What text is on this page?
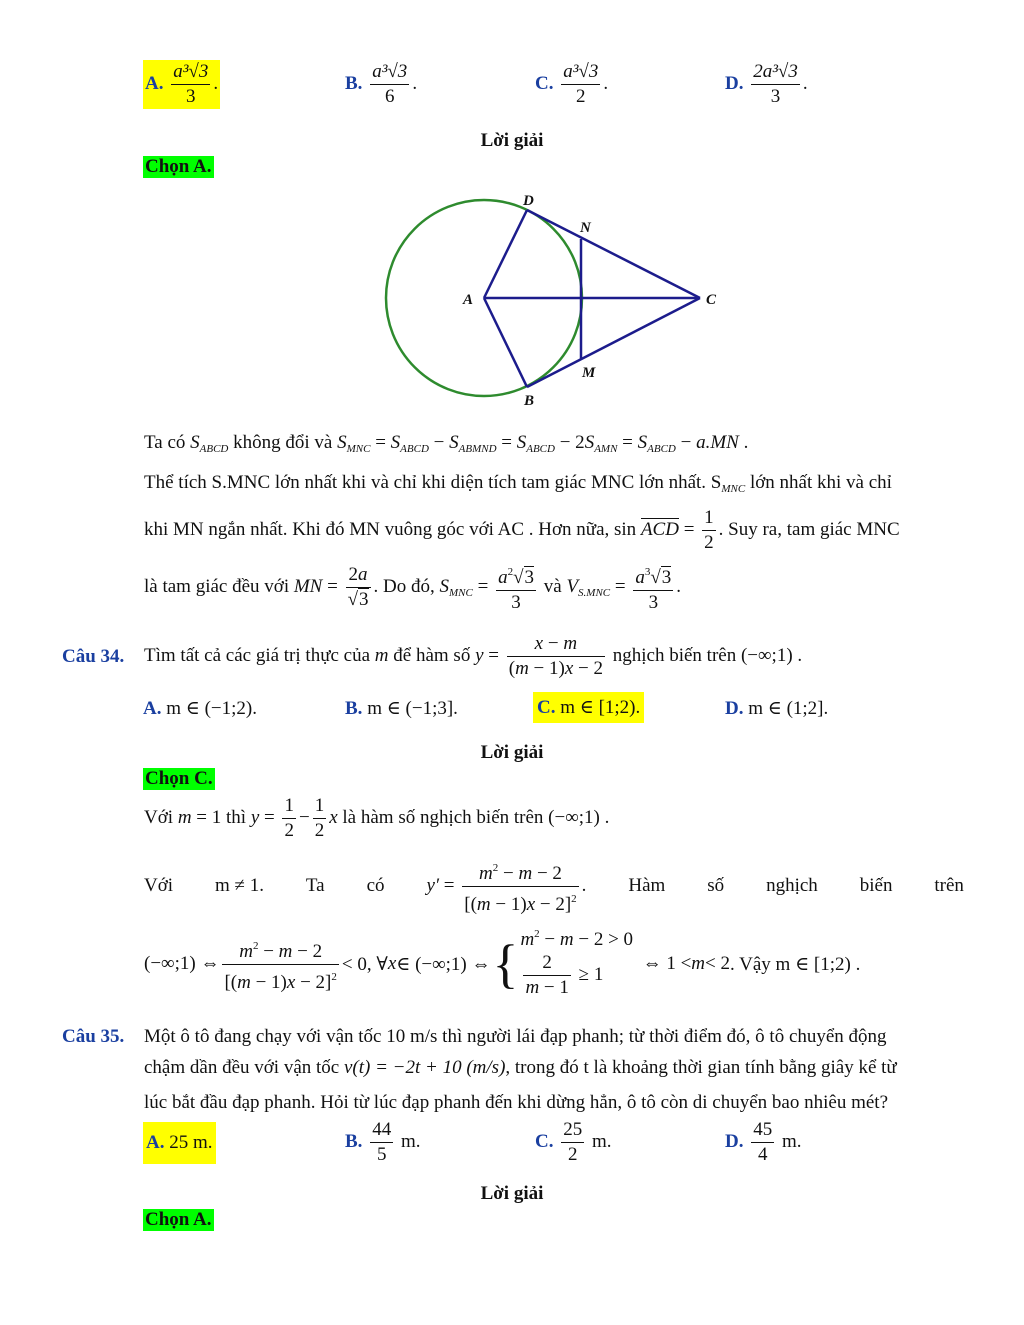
A. $\frac{\text{a³√3}}{3}$ .	B. $\frac{\text{a³√3}}{6}$ .	C. $\frac{\text{a³√3}}{2}$ .	D. $\frac{\text{2a³√3}}{3}$ .
Lời giải
Chọn A.
D
N
A	C
M
B
Ta có $S_{ABCD}$ không đổi và $S_{MNC} = S_{ABCD} - S_{ABMND} = S_{ABCD} - 2S_{AMN} = S_{ABCD} - a.MN$ .
Thể tích S.MNC lớn nhất khi và chỉ khi diện tích tam giác MNC lớn nhất. $S_{MNC}$ lớn nhất khi và chỉ
khi MN ngắn nhất. Khi đó MN vuông góc với AC . Hơn nữa, sin ACD = $\frac{1}{2}$ . Suy ra, tam giác MNC
là tam giác đều với MN = $\frac{2a}{√3}$ . Do đó, $S_{MNC} = \frac{a^2√3}{3}$ và $V_{S.MNC} = \frac{a^3√3}{3}$ .
Câu 34. Tìm tất cả các giá trị thực của m để hàm số $y = \frac{x - m}{(m - 1)x - 2}$ nghịch biến trên (−∞;1) .
A. m ∈ (−1;2).	B. m ∈ (−1;3].	C. m ∈ [1;2).	D. m ∈ (1;2].
Lời giải
Chọn C.
Với m = 1 thì $y = \frac{1}{2} - \frac{1}{2}$ x là hàm số nghịch biến trên (−∞;1) .
Với m ≠ 1. Ta có $y' = \frac{m^2 - m - 2}{[(m - 1)x - 2]^2}$ . Hàm số nghịch biến trên
(−∞;1) ⇔ $\frac{m^2 - m - 2}{[(m - 1)x - 2]^2} < 0$, ∀ x ∈ (−∞;1) ⇔ { $m^2 - m - 2 > 0$
$\frac{2}{m - 1} \ge 1$
⇔ 1 < m < 2 . Vậy m ∈ [1;2) .
Câu 35. Một ô tô đang chạy với vận tốc 10 m/s thì người lái đạp phanh; từ thời điểm đó, ô tô chuyển động
chậm dần đều với vận tốc v(t) = −2t + 10 (m/s), trong đó t là khoảng thời gian tính bằng giây kể từ
lúc bắt đầu đạp phanh. Hỏi từ lúc đạp phanh đến khi dừng hẳn, ô tô còn di chuyển bao nhiêu mét?
A. 25 m.	B. $\frac{44}{5} m$.	C. $\frac{25}{2} m$.	D. $\frac{45}{4} m$.
Lời giải
Chọn A.
